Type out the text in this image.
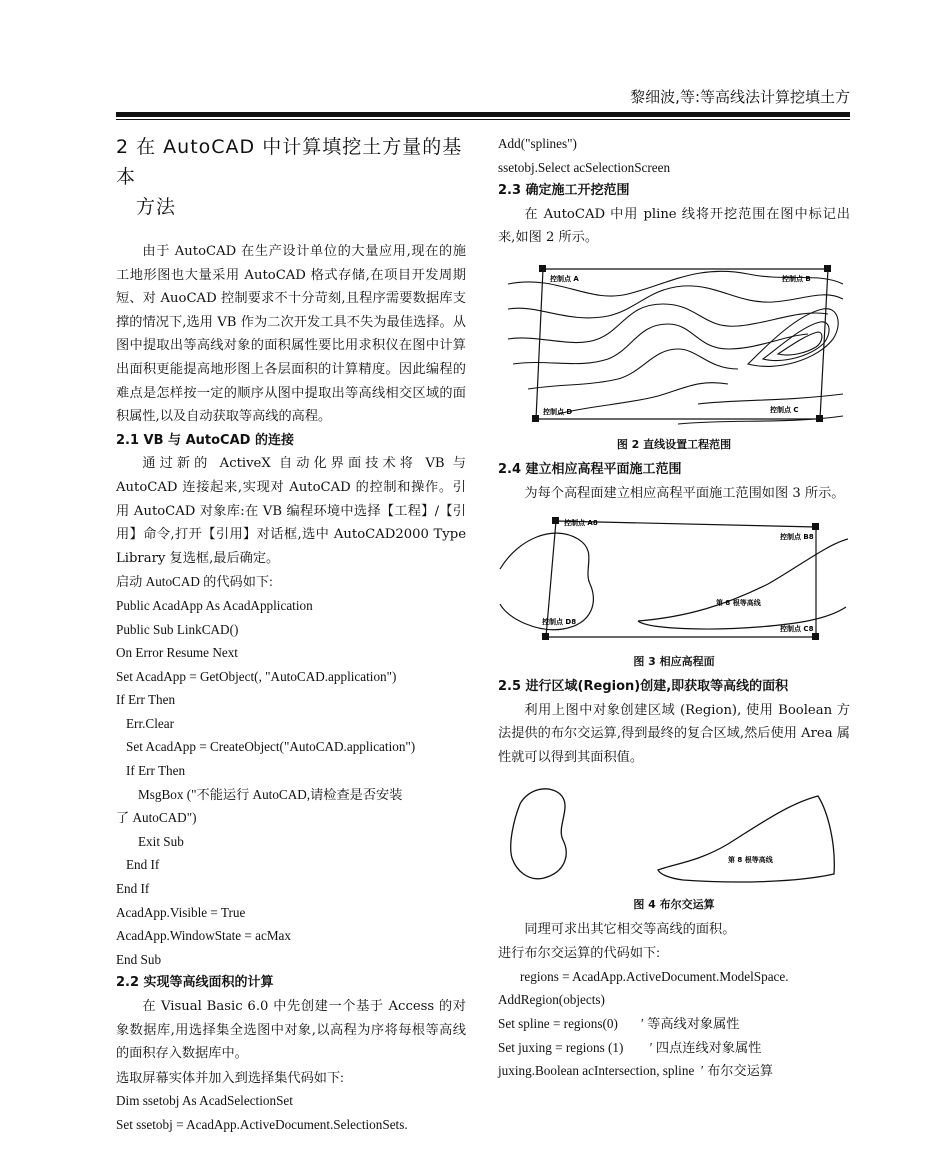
黎细波,等:等高线法计算挖填土方
2 在 AutoCAD 中计算填挖土方量的基本
方法

由于 AutoCAD 在生产设计单位的大量应用,现在的施工地形图也大量采用 AutoCAD 格式存储,在项目开发周期短、对 AuoCAD 控制要求不十分苛刻,且程序需要数据库支撑的情况下,选用 VB 作为二次开发工具不失为最佳选择。从图中提取出等高线对象的面积属性要比用求积仪在图中计算出面积更能提高地形图上各层面积的计算精度。因此编程的难点是怎样按一定的顺序从图中提取出等高线相交区域的面积属性,以及自动获取等高线的高程。

2.1 VB 与 AutoCAD 的连接

通过新的 ActiveX 自动化界面技术将 VB 与 AutoCAD 连接起来,实现对 AutoCAD 的控制和操作。引用 AutoCAD 对象库:在 VB 编程环境中选择【工程】/【引用】命令,打开【引用】对话框,选中 AutoCAD2000 Type Library 复选框,最后确定。

启动 AutoCAD 的代码如下:

Public AcadApp As AcadApplication

Public Sub LinkCAD()

On Error Resume Next

Set AcadApp = GetObject(, "AutoCAD.application")

If Err Then

Err.Clear

Set AcadApp = CreateObject("AutoCAD.application")

If Err Then

MsgBox ("不能运行 AutoCAD,请检查是否安装

了 AutoCAD")

Exit Sub

End If

End If

AcadApp.Visible = True

AcadApp.WindowState = acMax

End Sub

2.2 实现等高线面积的计算

在 Visual Basic 6.0 中先创建一个基于 Access 的对象数据库,用选择集全选图中对象,以高程为序将每根等高线的面积存入数据库中。

选取屏幕实体并加入到选择集代码如下:

Dim ssetobj As AcadSelectionSet

Set ssetobj = AcadApp.ActiveDocument.SelectionSets.

Add("splines")

ssetobj.Select acSelectionScreen

2.3 确定施工开挖范围

在 AutoCAD 中用 pline 线将开挖范围在图中标记出来,如图 2 所示。

控制点 A	控制点 B
控制点 D	控制点 C
图 2 直线设置工程范围

2.4 建立相应高程平面施工范围

为每个高程面建立相应高程平面施工范围如图 3 所示。

控制点 A8
控制点 B8
控制点 D8
控制点 C8
第 8 根等高线
图 3 相应高程面

2.5 进行区域(Region)创建,即获取等高线的面积

利用上图中对象创建区域 (Region), 使用 Boolean 方法提供的布尔交运算,得到最终的复合区域,然后使用 Area 属性就可以得到其面积值。

第 8 根等高线
图 4 布尔交运算

同理可求出其它相交等高线的面积。

进行布尔交运算的代码如下:

regions = AcadApp.ActiveDocument.ModelSpace.

AddRegion(objects)

Set spline = regions(0)       ′ 等高线对象属性

Set juxing = regions (1)        ′ 四点连线对象属性

juxing.Boolean acIntersection, spline  ′ 布尔交运算
